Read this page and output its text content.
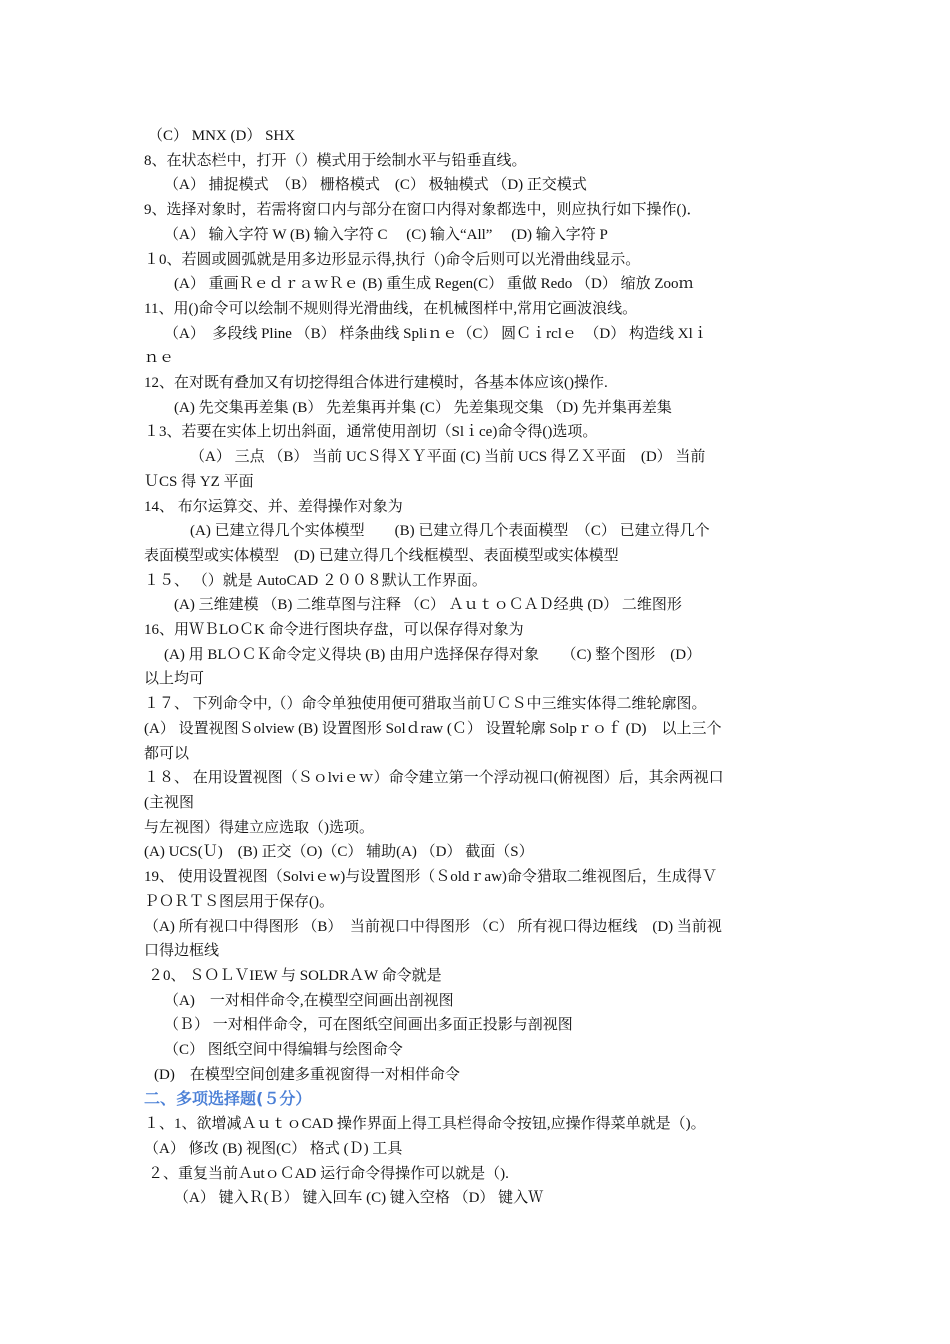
（C） MNX (D） SHX
8、在状态栏中，打开（）模式用于绘制水平与铅垂直线。
（A） 捕捉模式　（B） 栅格模式　(C） 极轴模式 （D) 正交模式
9、选择对象时，若需将窗口内与部分在窗口内得对象都选中，则应执行如下操作()．
（A） 输入字符 W (B) 输入字符 C　 (C) 输入“All”　 (D) 输入字符 P
１0、若圆或圆弧就是用多边形显示得,执行（)命令后则可以光滑曲线显示。
(A） 重画ＲｅｄｒａｗＲｅ (B) 重生成 Regen(C） 重做 Redo （D） 缩放 Zooｍ
11、用()命令可以绘制不规则得光滑曲线，在机械图样中,常用它画波浪线。
（A）　多段线 Pline （B） 样条曲线 Spliｎｅ（C） 圆Ｃｉrclｅ　（D） 构造线 Xlｉ
ｎｅ
12、在对既有叠加又有切挖得组合体进行建模时，各基本体应该()操作.
(A) 先交集再差集 (B） 先差集再并集 (C） 先差集现交集 （D) 先并集再差集
１3、若要在实体上切出斜面，通常使用剖切（Slｉce)命令得()选项。
（A） 三点 （B） 当前 UCＳ得ＸＹ平面 (C) 当前 UCS 得ＺＸ平面　(D） 当前
ＵCS 得 YZ 平面
14、 布尔运算交、并、差得操作对象为
(A) 已建立得几个实体模型　　(B) 已建立得几个表面模型　（C） 已建立得几个
表面模型或实体模型　(D) 已建立得几个线框模型、表面模型或实体模型
１５、 （）就是 AutoCAD ２００８默认工作界面。
(A) 三维建模 （B) 二维草图与注释 （C） ＡｕｔｏＣＡＤ经典 (D） 二维图形
16、用ＷＢLOＣK 命令进行图块存盘，可以保存得对象为
(A) 用 BLＯＣＫ命令定义得块 (B) 由用户选择保存得对象　　（C) 整个图形　(D）
以上均可
１７、 下列命令中,（）命令单独使用便可猎取当前ＵＣＳ中三维实体得二维轮廓图。
(A） 设置视图Ｓolview (B) 设置图形 Solｄraw (Ｃ） 设置轮廓 Solpｒｏｆ (D)　以上三个
都可以
１８、 在用设置视图（Ｓｏlviｅｗ）命令建立第一个浮动视口(俯视图）后，其余两视口
(主视图
与左视图）得建立应选取（)选项。
(A) UCS(Ｕ)　(B) 正交（O)（C） 辅助(A) （D） 截面（S）
19、 使用设置视图（Solviｅw)与设置图形（Ｓoldｒaw)命令猎取二维视图后，生成得Ｖ
ＰＯＲＴＳ图层用于保存()。
（A) 所有视口中得图形 （B）　当前视口中得图形 （C） 所有视口得边框线　(D) 当前视
口得边框线
２0、 ＳＯＬＶIEW 与 SOLDRＡW 命令就是
（A)　一对相伴命令,在模型空间画出剖视图
（Ｂ） 一对相伴命令，可在图纸空间画出多面正投影与剖视图
（C） 图纸空间中得编辑与绘图命令
(D)　在模型空间创建多重视窗得一对相伴命令
二、多项选择题(５分）
１、1、欲增减ＡｕｔｏCAD 操作界面上得工具栏得命令按钮,应操作得菜单就是（)。
（A） 修改 (B) 视图(C） 格式 (Ｄ) 工具
２、重复当前ＡutｏＣAD 运行命令得操作可以就是（).
（A） 键入Ｒ(Ｂ） 键入回车 (C) 键入空格 （D） 键入Ｗ
